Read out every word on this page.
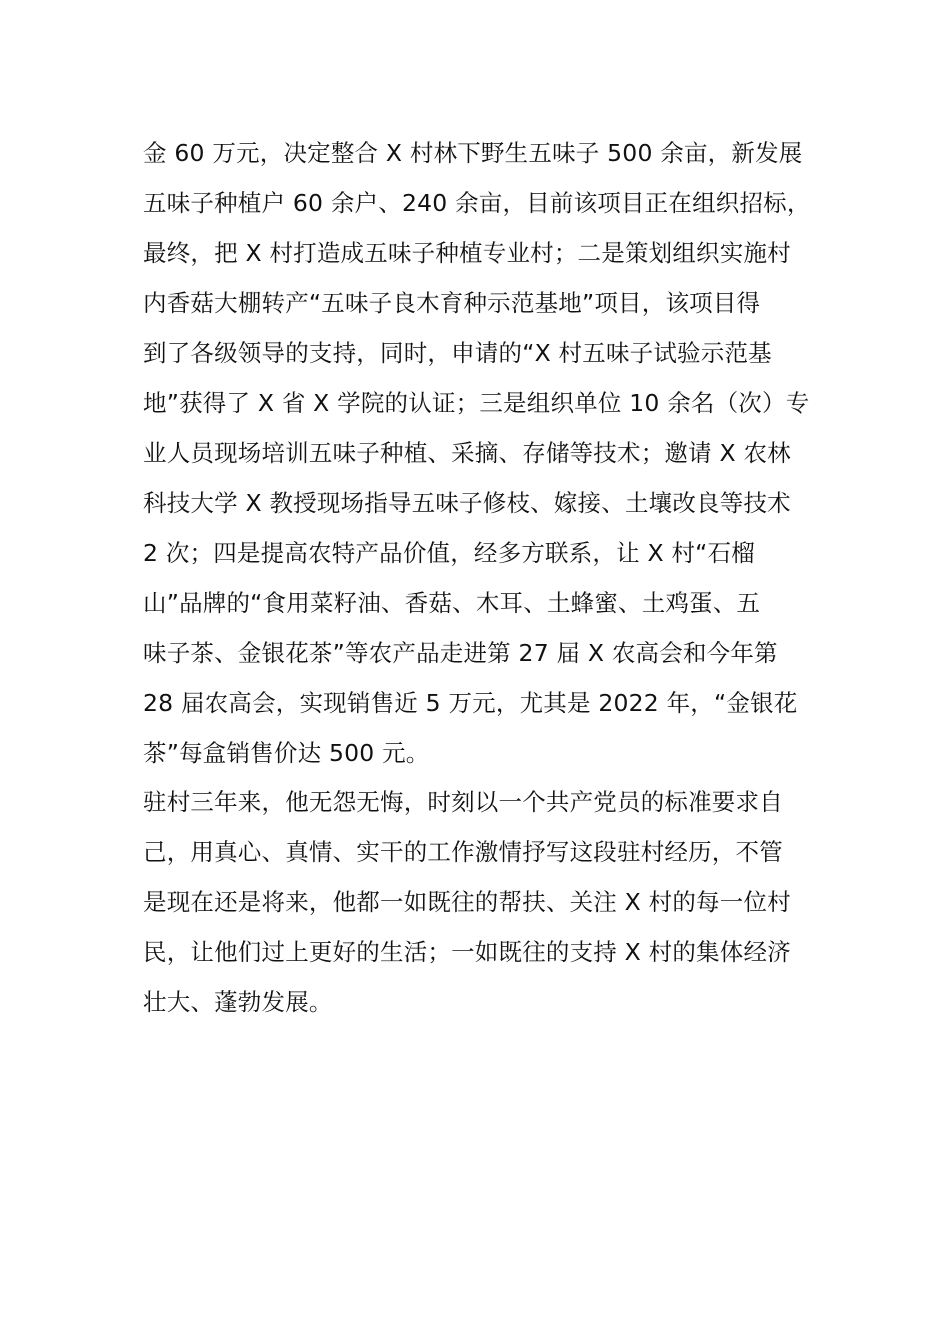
金 60 万元，决定整合 X 村林下野生五味子 500 余亩，新发展
五味子种植户 60 余户、240 余亩，目前该项目正在组织招标，
最终，把 X 村打造成五味子种植专业村；二是策划组织实施村
内香菇大棚转产“五味子良木育种示范基地”项目，该项目得
到了各级领导的支持，同时，申请的“X 村五味子试验示范基
地”获得了 X 省 X 学院的认证；三是组织单位 10 余名（次）专
业人员现场培训五味子种植、采摘、存储等技术；邀请 X 农林
科技大学 X 教授现场指导五味子修枝、嫁接、土壤改良等技术
2 次；四是提高农特产品价值，经多方联系，让 X 村“石榴
山”品牌的“食用菜籽油、香菇、木耳、土蜂蜜、土鸡蛋、五
味子茶、金银花茶”等农产品走进第 27 届 X 农高会和今年第
28 届农高会，实现销售近 5 万元，尤其是 2022 年，“金银花
茶”每盒销售价达 500 元。
驻村三年来，他无怨无悔，时刻以一个共产党员的标准要求自
己，用真心、真情、实干的工作激情抒写这段驻村经历，不管
是现在还是将来，他都一如既往的帮扶、关注 X 村的每一位村
民，让他们过上更好的生活；一如既往的支持 X 村的集体经济
壮大、蓬勃发展。
